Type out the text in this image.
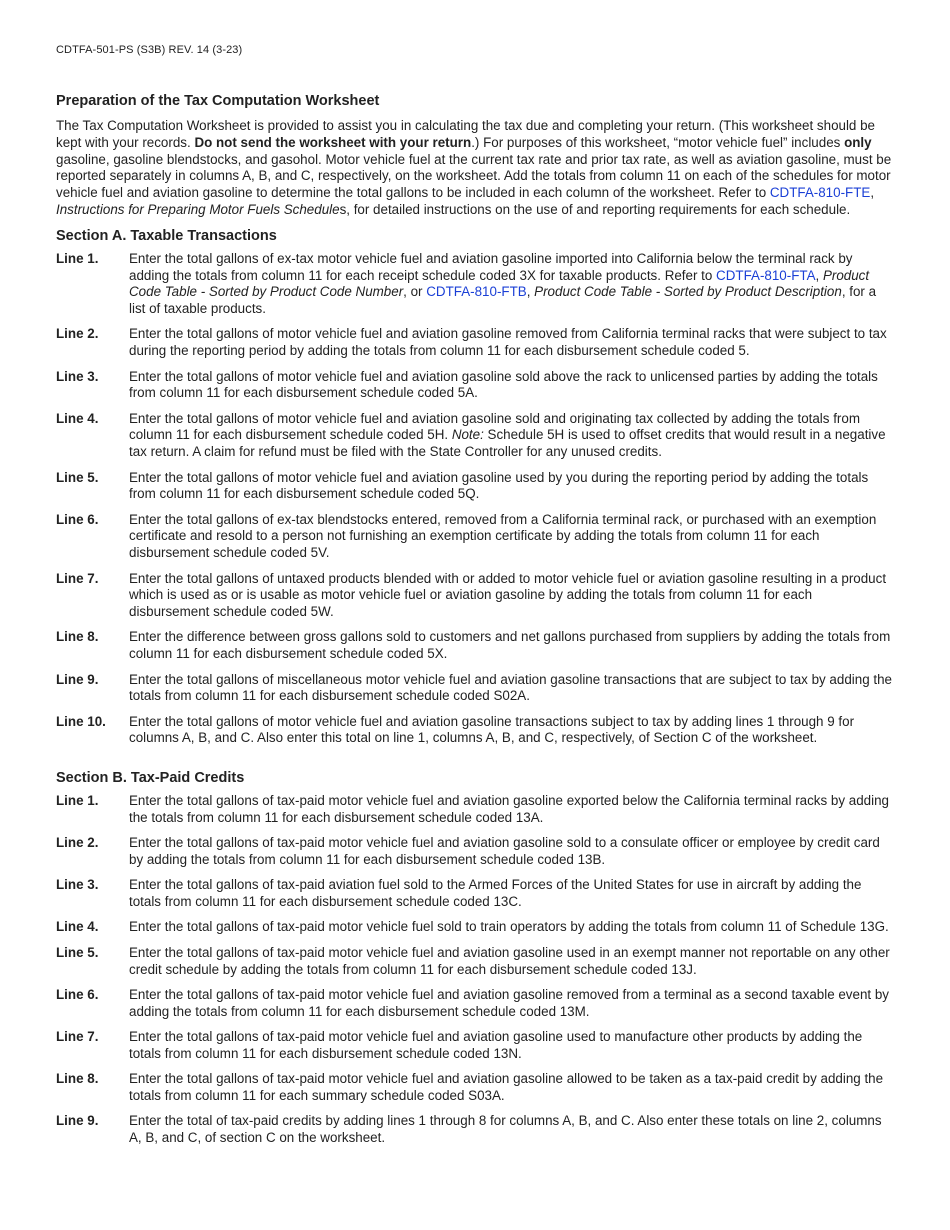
CDTFA-501-PS (S3B) REV. 14 (3-23)
Preparation of the Tax Computation Worksheet

The Tax Computation Worksheet is provided to assist you in calculating the tax due and completing your return. (This worksheet should be kept with your records. Do not send the worksheet with your return.) For purposes of this worksheet, “motor vehicle fuel” includes only gasoline, gasoline blendstocks, and gasohol. Motor vehicle fuel at the current tax rate and prior tax rate, as well as aviation gasoline, must be reported separately in columns A, B, and C, respectively, on the worksheet. Add the totals from column 11 on each of the schedules for motor vehicle fuel and aviation gasoline to determine the total gallons to be included in each column of the worksheet. Refer to CDTFA-810-FTE, Instructions for Preparing Motor Fuels Schedules, for detailed instructions on the use of and reporting requirements for each schedule.

Section A. Taxable Transactions
Line 1.	Enter the total gallons of ex-tax motor vehicle fuel and aviation gasoline imported into California below the terminal rack by adding the totals from column 11 for each receipt schedule coded 3X for taxable products. Refer to CDTFA-810-FTA, Product Code Table - Sorted by Product Code Number, or CDTFA-810-FTB, Product Code Table - Sorted by Product Description, for a list of taxable products.
Line 2.	Enter the total gallons of motor vehicle fuel and aviation gasoline removed from California terminal racks that were subject to tax during the reporting period by adding the totals from column 11 for each disbursement schedule coded 5.
Line 3.	Enter the total gallons of motor vehicle fuel and aviation gasoline sold above the rack to unlicensed parties by adding the totals from column 11 for each disbursement schedule coded 5A.
Line 4.	Enter the total gallons of motor vehicle fuel and aviation gasoline sold and originating tax collected by adding the totals from column 11 for each disbursement schedule coded 5H. Note: Schedule 5H is used to offset credits that would result in a negative tax return. A claim for refund must be filed with the State Controller for any unused credits.
Line 5.	Enter the total gallons of motor vehicle fuel and aviation gasoline used by you during the reporting period by adding the totals from column 11 for each disbursement schedule coded 5Q.
Line 6.	Enter the total gallons of ex-tax blendstocks entered, removed from a California terminal rack, or purchased with an exemption certificate and resold to a person not furnishing an exemption certificate by adding the totals from column 11 for each disbursement schedule coded 5V.
Line 7.	Enter the total gallons of untaxed products blended with or added to motor vehicle fuel or aviation gasoline resulting in a product which is used as or is usable as motor vehicle fuel or aviation gasoline by adding the totals from column 11 for each disbursement schedule coded 5W.
Line 8.	Enter the difference between gross gallons sold to customers and net gallons purchased from suppliers by adding the totals from column 11 for each disbursement schedule coded 5X.
Line 9.	Enter the total gallons of miscellaneous motor vehicle fuel and aviation gasoline transactions that are subject to tax by adding the totals from column 11 for each disbursement schedule coded S02A.
Line 10.	Enter the total gallons of motor vehicle fuel and aviation gasoline transactions subject to tax by adding lines 1 through 9 for columns A, B, and C. Also enter this total on line 1, columns A, B, and C, respectively, of Section C of the worksheet.
Section B. Tax-Paid Credits
Line 1.	Enter the total gallons of tax-paid motor vehicle fuel and aviation gasoline exported below the California terminal racks by adding the totals from column 11 for each disbursement schedule coded 13A.
Line 2.	Enter the total gallons of tax-paid motor vehicle fuel and aviation gasoline sold to a consulate officer or employee by credit card by adding the totals from column 11 for each disbursement schedule coded 13B.
Line 3.	Enter the total gallons of tax-paid aviation fuel sold to the Armed Forces of the United States for use in aircraft by adding the totals from column 11 for each disbursement schedule coded 13C.
Line 4.	Enter the total gallons of tax-paid motor vehicle fuel sold to train operators by adding the totals from column 11 of Schedule 13G.
Line 5.	Enter the total gallons of tax-paid motor vehicle fuel and aviation gasoline used in an exempt manner not reportable on any other credit schedule by adding the totals from column 11 for each disbursement schedule coded 13J.
Line 6.	Enter the total gallons of tax-paid motor vehicle fuel and aviation gasoline removed from a terminal as a second taxable event by adding the totals from column 11 for each disbursement schedule coded 13M.
Line 7.	Enter the total gallons of tax-paid motor vehicle fuel and aviation gasoline used to manufacture other products by adding the totals from column 11 for each disbursement schedule coded 13N.
Line 8.	Enter the total gallons of tax-paid motor vehicle fuel and aviation gasoline allowed to be taken as a tax-paid credit by adding the totals from column 11 for each summary schedule coded S03A.
Line 9.	Enter the total of tax-paid credits by adding lines 1 through 8 for columns A, B, and C. Also enter these totals on line 2, columns A, B, and C, of section C on the worksheet.
